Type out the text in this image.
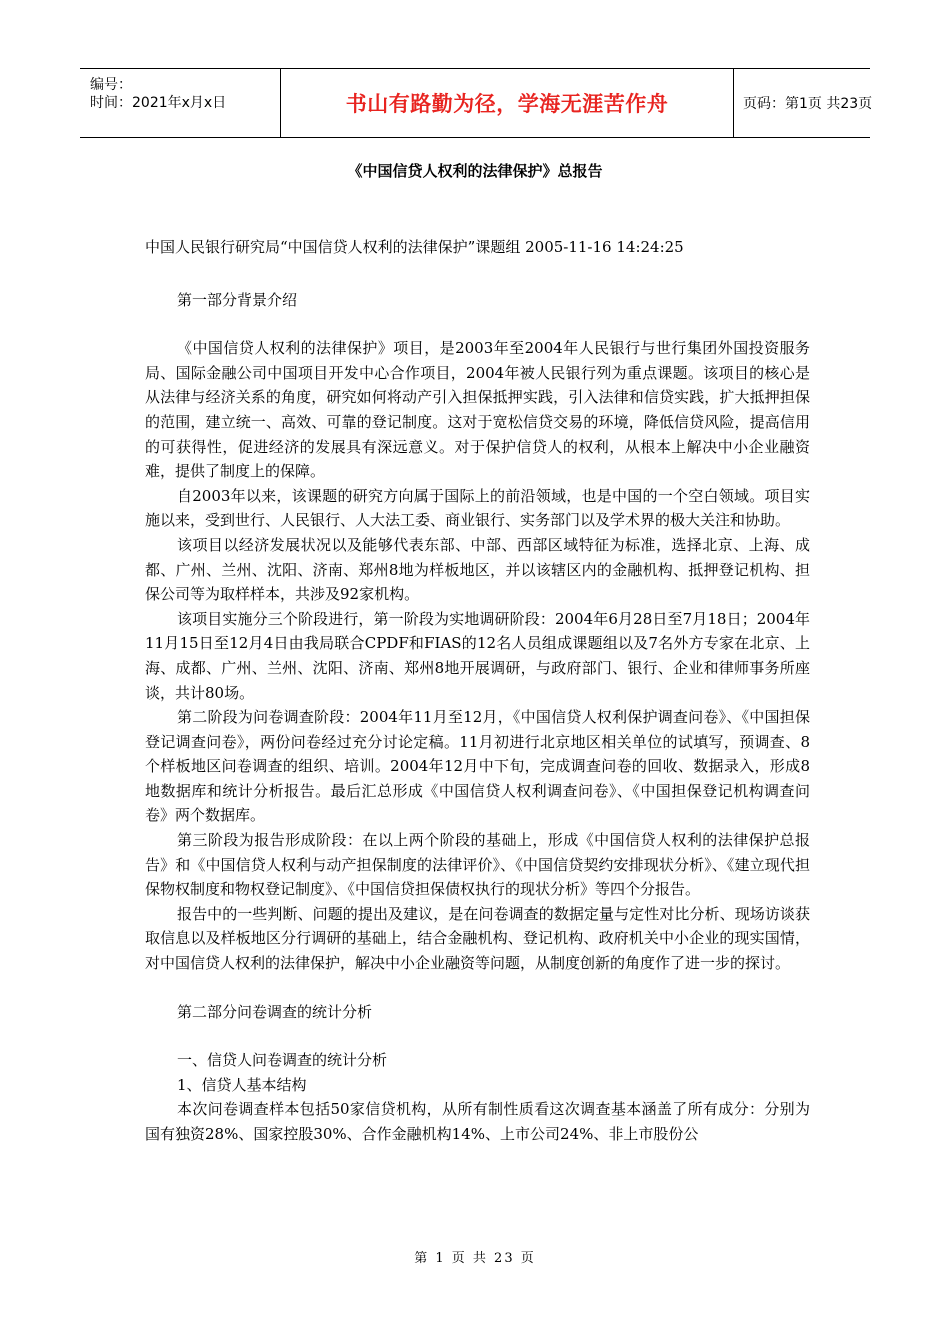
编号：
时间：2021年x月x日	书山有路勤为径，学海无涯苦作舟	页码：第1页 共23页
《中国信贷人权利的法律保护》总报告

中国人民银行研究局“中国信贷人权利的法律保护”课题组 2005-11-16 14:24:25

第一部分背景介绍

《中国信贷人权利的法律保护》项目，是2003年至2004年人民银行与世行集团外国投资服务局、国际金融公司中国项目开发中心合作项目，2004年被人民银行列为重点课题。该项目的核心是从法律与经济关系的角度，研究如何将动产引入担保抵押实践，引入法律和信贷实践，扩大抵押担保的范围，建立统一、高效、可靠的登记制度。这对于宽松信贷交易的环境，降低信贷风险，提高信用的可获得性，促进经济的发展具有深远意义。对于保护信贷人的权利，从根本上解决中小企业融资难，提供了制度上的保障。

自2003年以来，该课题的研究方向属于国际上的前沿领域，也是中国的一个空白领域。项目实施以来，受到世行、人民银行、人大法工委、商业银行、实务部门以及学术界的极大关注和协助。

该项目以经济发展状况以及能够代表东部、中部、西部区域特征为标准，选择北京、上海、成都、广州、兰州、沈阳、济南、郑州8地为样板地区，并以该辖区内的金融机构、抵押登记机构、担保公司等为取样样本，共涉及92家机构。

该项目实施分三个阶段进行，第一阶段为实地调研阶段：2004年6月28日至7月18日；2004年11月15日至12月4日由我局联合CPDF和FIAS的12名人员组成课题组以及7名外方专家在北京、上海、成都、广州、兰州、沈阳、济南、郑州8地开展调研，与政府部门、银行、企业和律师事务所座谈，共计80场。

第二阶段为问卷调查阶段：2004年11月至12月，《中国信贷人权利保护调查问卷》、《中国担保登记调查问卷》，两份问卷经过充分讨论定稿。11月初进行北京地区相关单位的试填写，预调查、8个样板地区问卷调查的组织、培训。2004年12月中下旬，完成调查问卷的回收、数据录入，形成8地数据库和统计分析报告。最后汇总形成《中国信贷人权利调查问卷》、《中国担保登记机构调查问卷》两个数据库。

第三阶段为报告形成阶段：在以上两个阶段的基础上，形成《中国信贷人权利的法律保护总报告》和《中国信贷人权利与动产担保制度的法律评价》、《中国信贷契约安排现状分析》、《建立现代担保物权制度和物权登记制度》、《中国信贷担保债权执行的现状分析》等四个分报告。

报告中的一些判断、问题的提出及建议，是在问卷调查的数据定量与定性对比分析、现场访谈获取信息以及样板地区分行调研的基础上，结合金融机构、登记机构、政府机关中小企业的现实国情，对中国信贷人权利的法律保护，解决中小企业融资等问题，从制度创新的角度作了进一步的探讨。

第二部分问卷调查的统计分析

一、信贷人问卷调查的统计分析

1、信贷人基本结构

本次问卷调查样本包括50家信贷机构，从所有制性质看这次调查基本涵盖了所有成分：分别为国有独资28%、国家控股30%、合作金融机构14%、上市公司24%、非上市股份公

第 1 页 共 23 页
